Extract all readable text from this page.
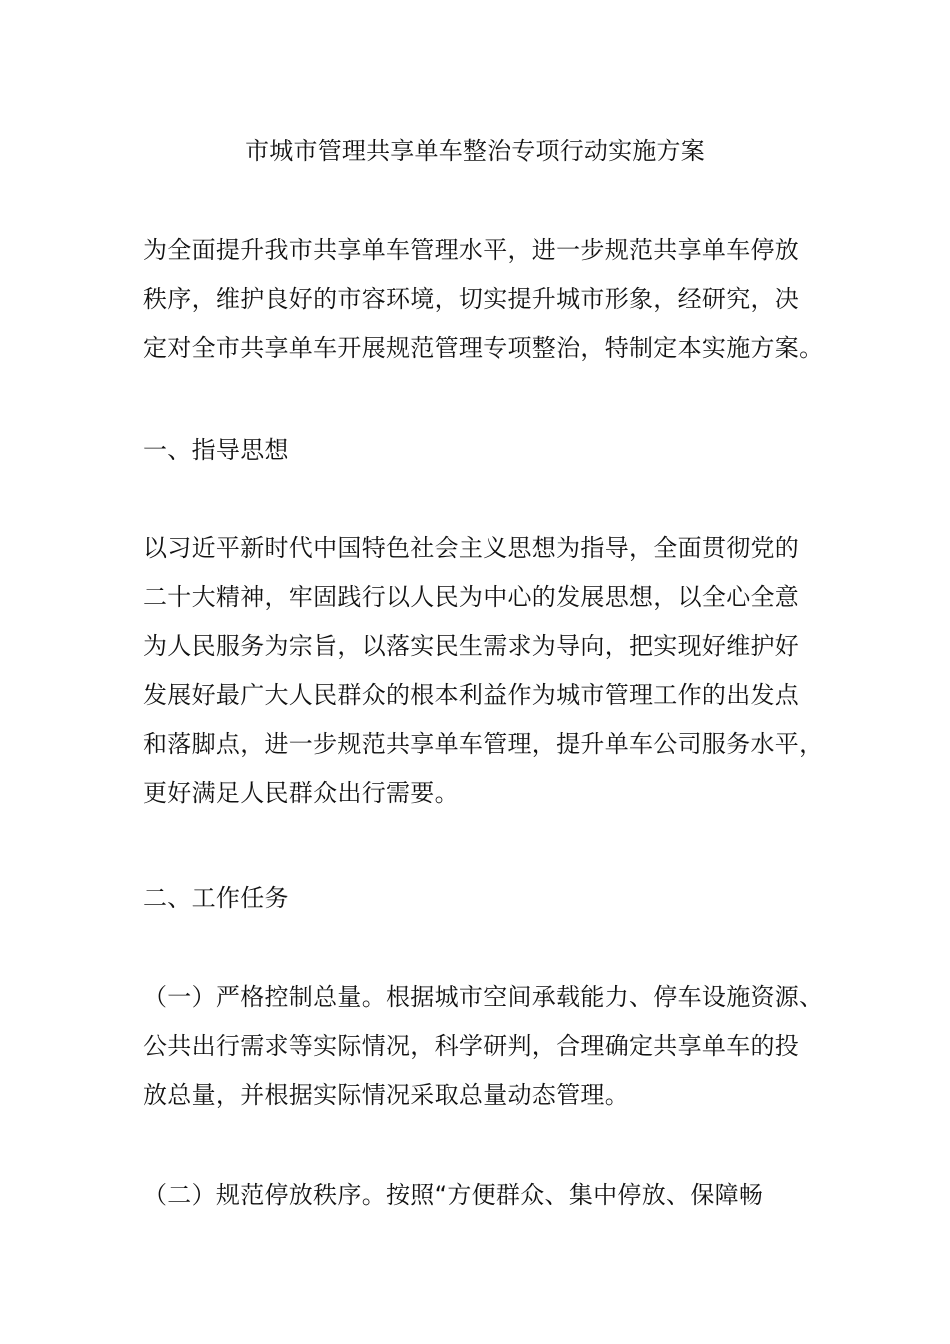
市城市管理共享单车整治专项行动实施方案
为全面提升我市共享单车管理水平，进一步规范共享单车停放
秩序，维护良好的市容环境，切实提升城市形象，经研究，决
定对全市共享单车开展规范管理专项整治，特制定本实施方案。
一、指导思想
以习近平新时代中国特色社会主义思想为指导，全面贯彻党的
二十大精神，牢固践行以人民为中心的发展思想，以全心全意
为人民服务为宗旨，以落实民生需求为导向，把实现好维护好
发展好最广大人民群众的根本利益作为城市管理工作的出发点
和落脚点，进一步规范共享单车管理，提升单车公司服务水平，
更好满足人民群众出行需要。
二、工作任务
（一）严格控制总量。根据城市空间承载能力、停车设施资源、
公共出行需求等实际情况，科学研判，合理确定共享单车的投
放总量，并根据实际情况采取总量动态管理。
（二）规范停放秩序。按照“方便群众、集中停放、保障畅
